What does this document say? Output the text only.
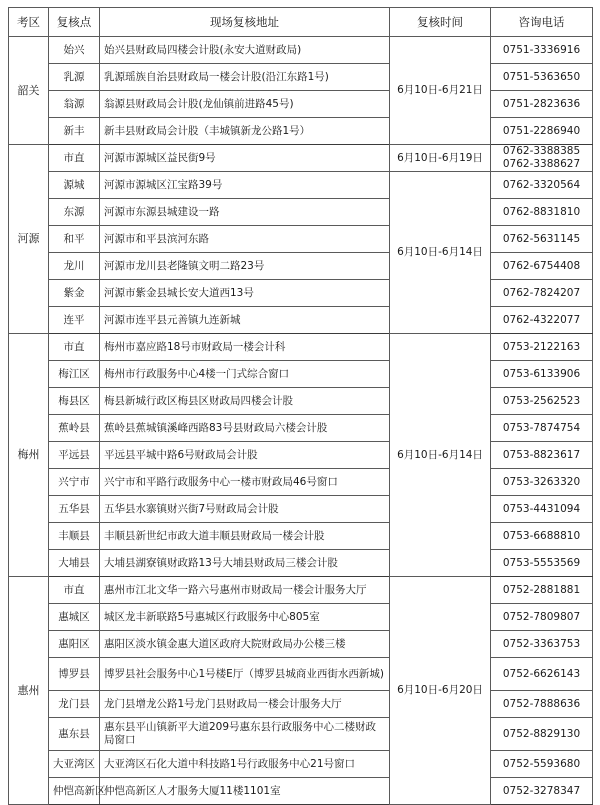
考区	复核点	现场复核地址	复核时间	咨询电话
韶关	始兴	始兴县财政局四楼会计股(永安大道财政局)	6月10日-6月21日	0751-3336916

	乳源	乳源瑶族自治县财政局一楼会计股(沿江东路1号)		0751-5363650

	翁源	翁源县财政局会计股(龙仙镇前进路45号)		0751-2823636

	新丰	新丰县财政局会计股（丰城镇新龙公路1号）		0751-2286940

河源	市直	河源市源城区益民街9号	6月10日-6月19日	0762-3388385
0762-3388627

	源城	河源市源城区江宝路39号	6月10日-6月14日	0762-3320564

	东源	河源市东源县城建设一路		0762-8831810

	和平	河源市和平县滨河东路		0762-5631145

	龙川	河源市龙川县老隆镇文明二路23号		0762-6754408

	紫金	河源市紫金县城长安大道西13号		0762-7824207

	连平	河源市连平县元善镇九连新城		0762-4322077

梅州	市直	梅州市嘉应路18号市财政局一楼会计科	6月10日-6月14日	0753-2122163

	梅江区	梅州市行政服务中心4楼一门式综合窗口		0753-6133906

	梅县区	梅县新城行政区梅县区财政局四楼会计股		0753-2562523

	蕉岭县	蕉岭县蕉城镇溪峰西路83号县财政局六楼会计股		0753-7874754

	平远县	平远县平城中路6号财政局会计股		0753-8823617

	兴宁市	兴宁市和平路行政服务中心一楼市财政局46号窗口		0753-3263320

	五华县	五华县水寨镇财兴街7号财政局会计股		0753-4431094

	丰顺县	丰顺县新世纪市政大道丰顺县财政局一楼会计股		0753-6688810

	大埔县	大埔县湖寮镇财政路13号大埔县财政局三楼会计股		0753-5553569

惠州	市直	惠州市江北文华一路六号惠州市财政局一楼会计服务大厅	6月10日-6月20日	0752-2881881

	惠城区	城区龙丰新联路5号惠城区行政服务中心805室		0752-7809807

	惠阳区	惠阳区淡水镇金惠大道区政府大院财政局办公楼三楼		0752-3363753

	博罗县	博罗县社会服务中心1号楼E厅（博罗县城商业西街水西新城)		0752-6626143

	龙门县	龙门县增龙公路1号龙门县财政局一楼会计服务大厅		0752-7888636

	惠东县	惠东县平山镇新平大道209号惠东县行政服务中心二楼财政局窗口		0752-8829130

	大亚湾区	大亚湾区石化大道中科技路1号行政服务中心21号窗口		0752-5593680

	仲恺高新区	仲恺高新区人才服务大厦11楼1101室		0752-3278347
